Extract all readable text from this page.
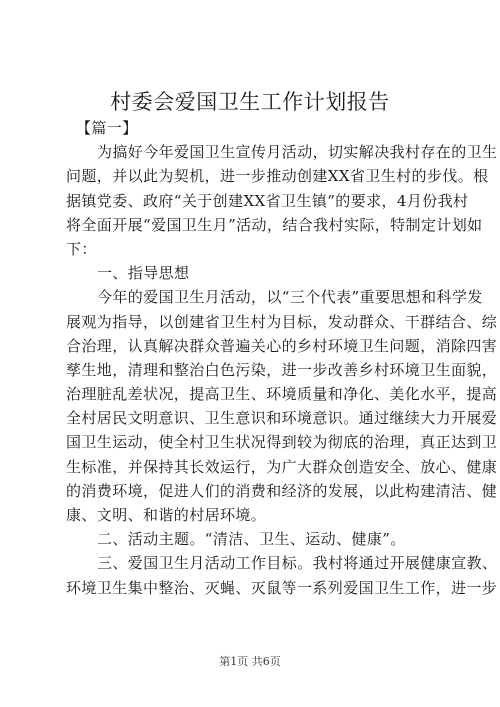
村委会爱国卫生工作计划报告
【篇一】
为搞好今年爱国卫生宣传月活动，切实解决我村存在的卫生
问题，并以此为契机，进一步推动创建XX省卫生村的步伐。根
据镇党委、政府“关于创建XX省卫生镇”的要求，4月份我村
将全面开展“爱国卫生月”活动，结合我村实际，特制定计划如
下：
一、指导思想
今年的爱国卫生月活动，以“三个代表”重要思想和科学发
展观为指导，以创建省卫生村为目标，发动群众、干群结合、综
合治理，认真解决群众普遍关心的乡村环境卫生问题，消除四害
孳生地，清理和整治白色污染，进一步改善乡村环境卫生面貌，
治理脏乱差状况，提高卫生、环境质量和净化、美化水平，提高
全村居民文明意识、卫生意识和环境意识。通过继续大力开展爱
国卫生运动，使全村卫生状况得到较为彻底的治理，真正达到卫
生标准，并保持其长效运行，为广大群众创造安全、放心、健康
的消费环境，促进人们的消费和经济的发展，以此构建清洁、健
康、文明、和谐的村居环境。
二、活动主题。“清洁、卫生、运动、健康”。
三、爱国卫生月活动工作目标。我村将通过开展健康宣教、
环境卫生集中整治、灭蝇、灭鼠等一系列爱国卫生工作，进一步
第1页 共6页
